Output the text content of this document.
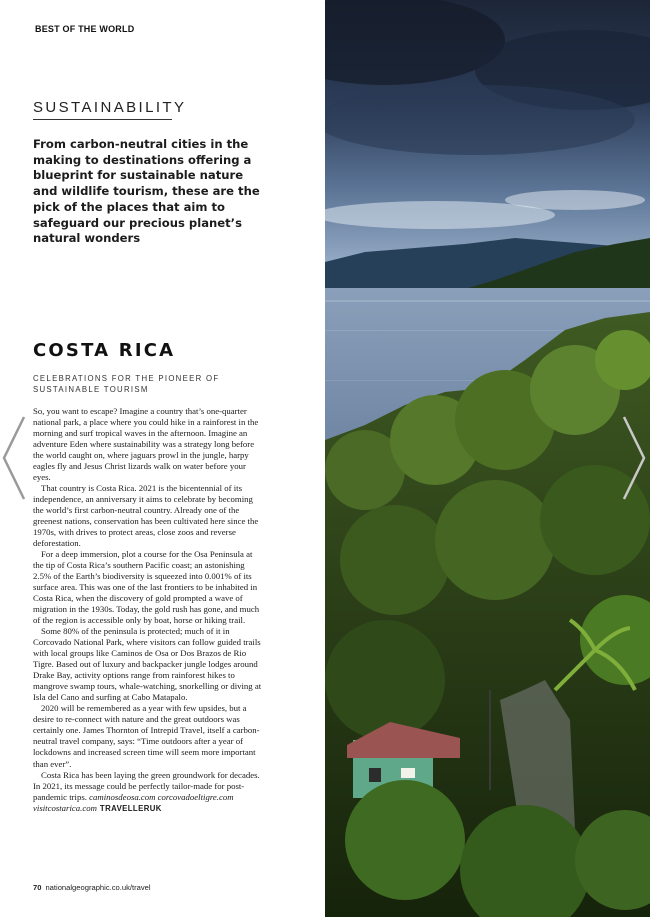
BEST OF THE WORLD
SUSTAINABILITY
From carbon-neutral cities in the making to destinations offering a blueprint for sustainable nature and wildlife tourism, these are the pick of the places that aim to safeguard our precious planet’s natural wonders
COSTA RICA
CELEBRATIONS FOR THE PIONEER OF SUSTAINABLE TOURISM
So, you want to escape? Imagine a country that’s one-quarter national park, a place where you could hike in a rainforest in the morning and surf tropical waves in the afternoon. Imagine an adventure Eden where sustainability was a strategy long before the world caught on, where jaguars prowl in the jungle, harpy eagles fly and Jesus Christ lizards walk on water before your eyes.
That country is Costa Rica. 2021 is the bicentennial of its independence, an anniversary it aims to celebrate by becoming the world’s first carbon-neutral country. Already one of the greenest nations, conservation has been cultivated here since the 1970s, with drives to protect areas, close zoos and reverse deforestation.
For a deep immersion, plot a course for the Osa Peninsula at the tip of Costa Rica’s southern Pacific coast; an astonishing 2.5% of the Earth’s biodiversity is squeezed into 0.001% of its surface area. This was one of the last frontiers to be inhabited in Costa Rica, when the discovery of gold prompted a wave of migration in the 1930s. Today, the gold rush has gone, and much of the region is accessible only by boat, horse or hiking trail.
Some 80% of the peninsula is protected; much of it in Corcovado National Park, where visitors can follow guided trails with local groups like Caminos de Osa or Dos Brazos de Rio Tigre. Based out of luxury and backpacker jungle lodges around Drake Bay, activity options range from rainforest hikes to mangrove swamp tours, whale-watching, snorkelling or diving at Isla del Cano and surfing at Cabo Matapalo.
2020 will be remembered as a year with few upsides, but a desire to re-connect with nature and the great outdoors was certainly one. James Thornton of Intrepid Travel, itself a carbon-neutral travel company, says: “Time outdoors after a year of lockdowns and increased screen time will seem more important than ever”.
Costa Rica has been laying the green groundwork for decades. In 2021, its message could be perfectly tailor-made for post-pandemic trips. caminosdeosa.com corcovadoeltigre.com visitcostarica.com TRAVELLERUK
70 nationalgeographic.co.uk/travel
